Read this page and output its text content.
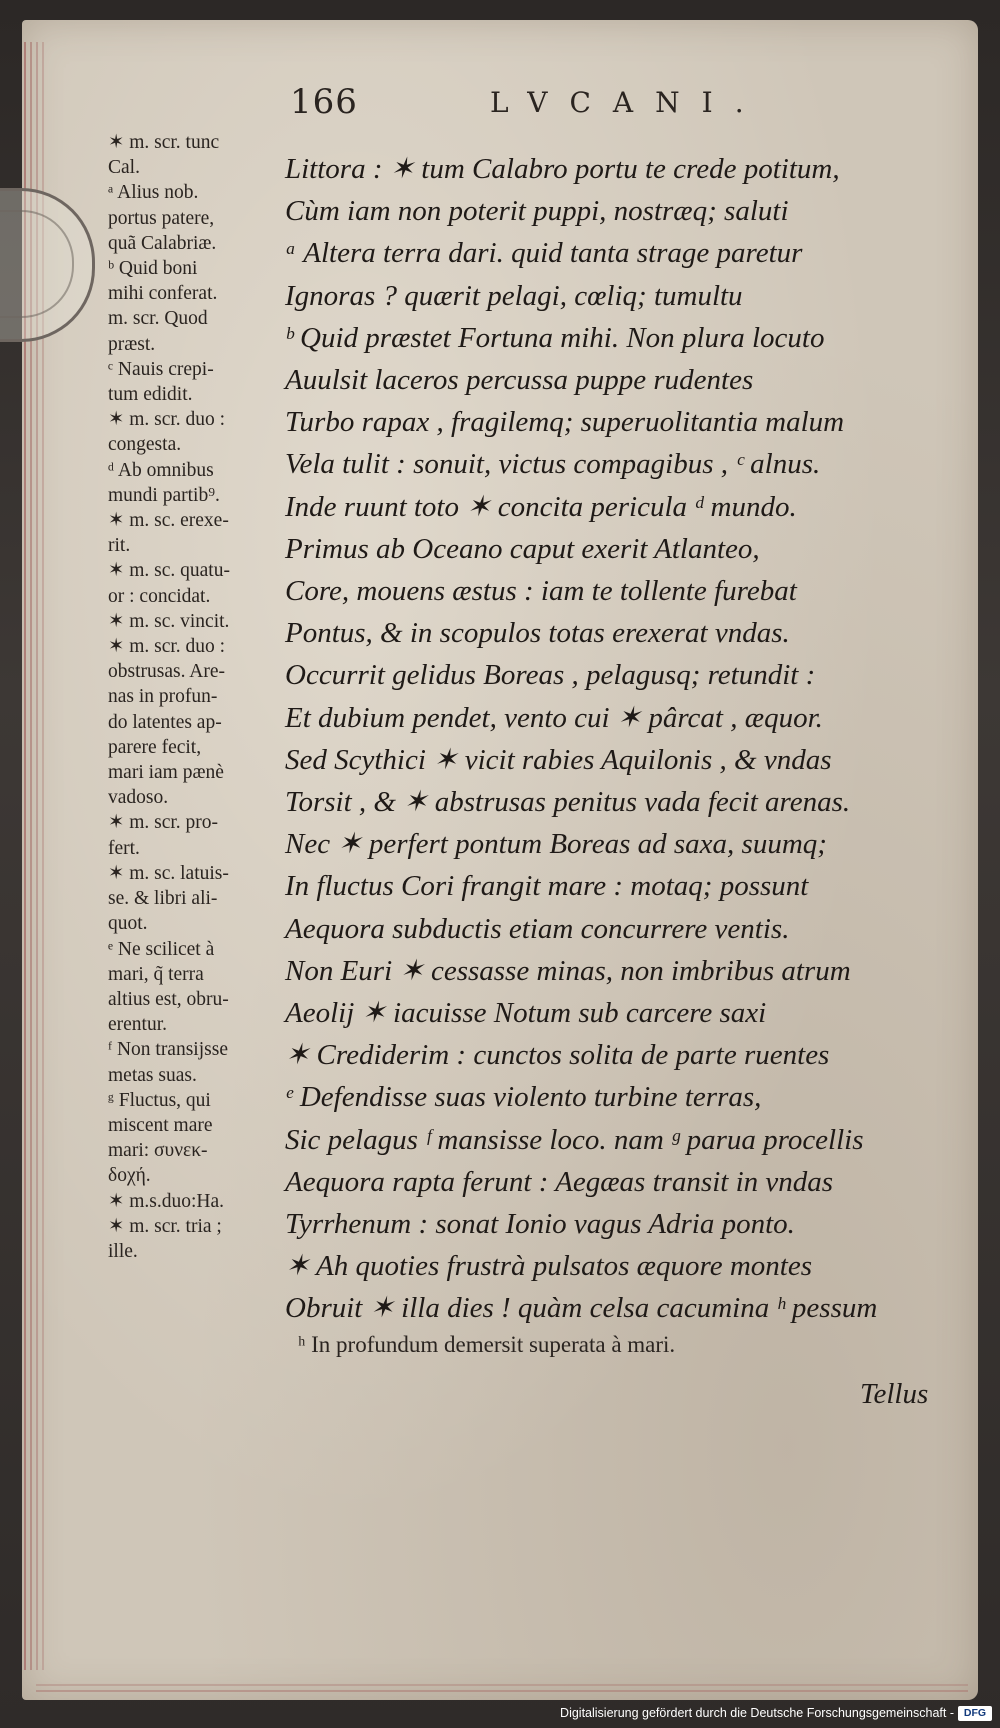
166	LVCANI.
✶ m. scr. tunc
Cal.
ᵃ Alius nob.
portus patere,
quã Calabriæ.
ᵇ Quid boni
mihi conferat.
m. scr. Quod
præst.
ᶜ Nauis crepi-
tum edidit.
✶ m. scr. duo :
congesta.
ᵈ Ab omnibus
mundi partib⁹.
✶ m. sc. erexe-
rit.
✶ m. sc. quatu-
or : concidat.
✶ m. sc. vincit.
✶ m. scr. duo :
obstrusas. Are-
nas in profun-
do latentes ap-
parere fecit,
mari iam pænè
vadoso.
✶ m. scr. pro-
fert.
✶ m. sc. latuis-
se. & libri ali-
quot.
ᵉ Ne scilicet à
mari, q̃ terra
altius est, obru-
erentur.
ᶠ Non transijsse
metas suas.
ᵍ Fluctus, qui
miscent mare
mari: συνεκ-
δοχή.
✶ m.s.duo:Ha.
✶ m. scr. tria ;
ille.
Littora : ✶ tum Calabro portu te crede potitum,
Cùm iam non poterit puppi, nostræq; saluti
ᵃ Altera terra dari. quid tanta strage paretur
Ignoras ? quærit pelagi, cœliq; tumultu
ᵇ Quid præstet Fortuna mihi. Non plura locuto
Auulsit laceros percussa puppe rudentes
Turbo rapax , fragilemq; superuolitantia malum
Vela tulit : sonuit, victus compagibus , ᶜ alnus.
Inde ruunt toto ✶ concita pericula ᵈ mundo.
Primus ab Oceano caput exerit Atlanteo,
Core, mouens æstus : iam te tollente furebat
Pontus, & in scopulos totas erexerat vndas.
Occurrit gelidus Boreas , pelagusq; retundit :
Et dubium pendet, vento cui ✶ pârcat , æquor.
Sed Scythici ✶ vicit rabies Aquilonis , & vndas
Torsit , & ✶ abstrusas penitus vada fecit arenas.
Nec ✶ perfert pontum Boreas ad saxa, suumq;
In fluctus Cori frangit mare : motaq; possunt
Aequora subductis etiam concurrere ventis.
Non Euri ✶ cessasse minas, non imbribus atrum
Aeolij ✶ iacuisse Notum sub carcere saxi
✶ Crediderim : cunctos solita de parte ruentes
ᵉ Defendisse suas violento turbine terras,
Sic pelagus ᶠ mansisse loco. nam ᵍ parua procellis
Aequora rapta ferunt : Aegæas transit in vndas
Tyrrhenum : sonat Ionio vagus Adria ponto.
✶ Ah quoties frustrà pulsatos æquore montes
Obruit ✶ illa dies ! quàm celsa cacumina ʰ pessum
ʰ In profundum demersit superata à mari.
Tellus
Digitalisierung gefördert durch die Deutsche Forschungsgemeinschaft - DFG
